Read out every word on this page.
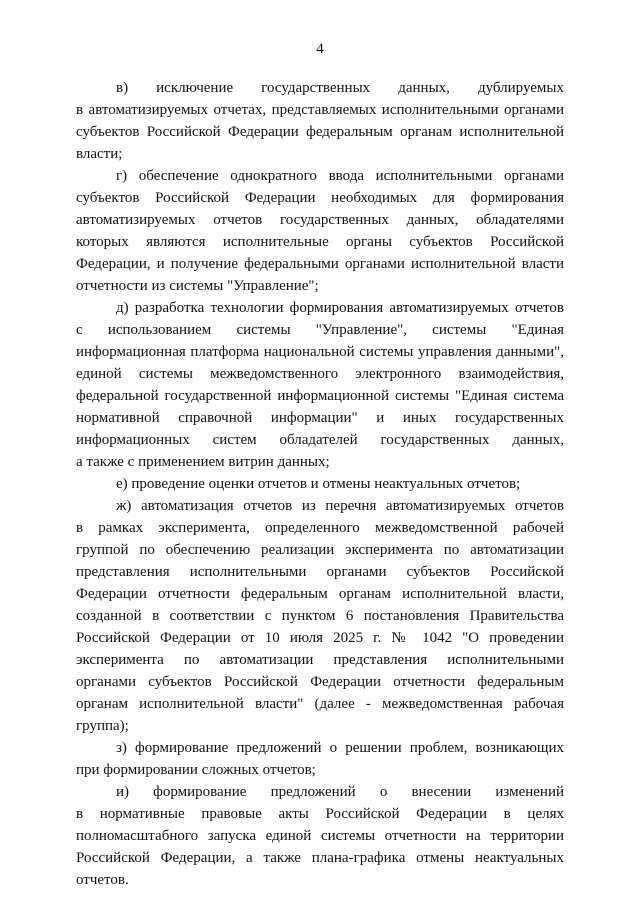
4
в) исключение государственных данных, дублируемых
в автоматизируемых отчетах, представляемых исполнительными органами
субъектов Российской Федерации федеральным органам исполнительной
власти;
г) обеспечение однократного ввода исполнительными органами
субъектов Российской Федерации необходимых для формирования
автоматизируемых отчетов государственных данных, обладателями
которых являются исполнительные органы субъектов Российской
Федерации, и получение федеральными органами исполнительной власти
отчетности из системы "Управление";
д) разработка технологии формирования автоматизируемых отчетов
с использованием системы "Управление", системы "Единая
информационная платформа национальной системы управления данными",
единой системы межведомственного электронного взаимодействия,
федеральной государственной информационной системы "Единая система
нормативной справочной информации" и иных государственных
информационных систем обладателей государственных данных,
а также с применением витрин данных;
е) проведение оценки отчетов и отмены неактуальных отчетов;
ж) автоматизация отчетов из перечня автоматизируемых отчетов
в рамках эксперимента, определенного межведомственной рабочей
группой по обеспечению реализации эксперимента по автоматизации
представления исполнительными органами субъектов Российской
Федерации отчетности федеральным органам исполнительной власти,
созданной в соответствии с пунктом 6 постановления Правительства
Российской Федерации от 10 июля 2025 г. № 1042 "О проведении
эксперимента по автоматизации представления исполнительными
органами субъектов Российской Федерации отчетности федеральным
органам исполнительной власти" (далее - межведомственная рабочая
группа);
з) формирование предложений о решении проблем, возникающих
при формировании сложных отчетов;
и) формирование предложений о внесении изменений
в нормативные правовые акты Российской Федерации в целях
полномасштабного запуска единой системы отчетности на территории
Российской Федерации, а также плана-графика отмены неактуальных
отчетов.
